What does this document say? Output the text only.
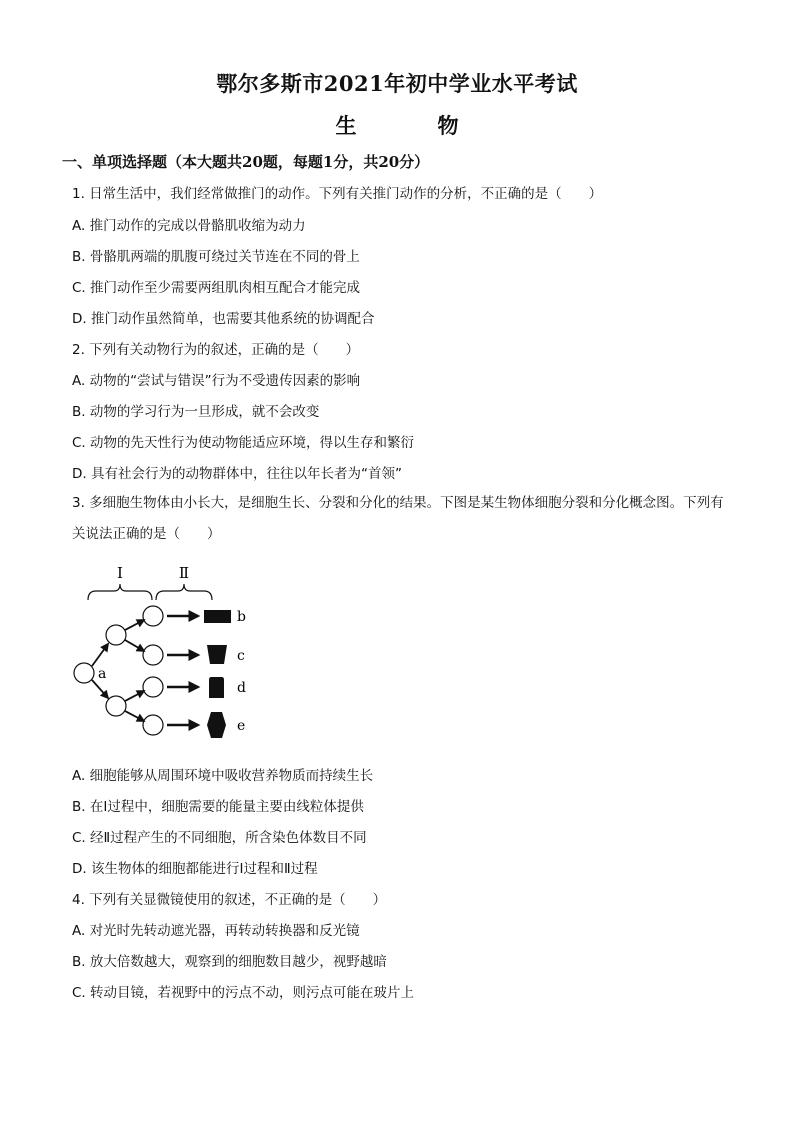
鄂尔多斯市2021年初中学业水平考试
生　物
一、单项选择题（本大题共20题，每题1分，共20分）
1. 日常生活中，我们经常做推门的动作。下列有关推门动作的分析，不正确的是（　　）
A. 推门动作的完成以骨骼肌收缩为动力
B. 骨骼肌两端的肌腹可绕过关节连在不同的骨上
C. 推门动作至少需要两组肌肉相互配合才能完成
D. 推门动作虽然简单，也需要其他系统的协调配合
2. 下列有关动物行为的叙述，正确的是（　　）
A. 动物的“尝试与错误”行为不受遗传因素的影响
B. 动物的学习行为一旦形成，就不会改变
C. 动物的先天性行为使动物能适应环境，得以生存和繁衍
D. 具有社会行为的动物群体中，往往以年长者为“首领”
3. 多细胞生物体由小长大，是细胞生长、分裂和分化的结果。下图是某生物体细胞分裂和分化概念图。下列有关说法正确的是（　　）
Ⅰ	Ⅱ
a
b
c
d
e
A. 细胞能够从周围环境中吸收营养物质而持续生长
B. 在Ⅰ过程中，细胞需要的能量主要由线粒体提供
C. 经Ⅱ过程产生的不同细胞，所含染色体数目不同
D. 该生物体的细胞都能进行Ⅰ过程和Ⅱ过程
4. 下列有关显微镜使用的叙述，不正确的是（　　）
A. 对光时先转动遮光器，再转动转换器和反光镜
B. 放大倍数越大，观察到的细胞数目越少，视野越暗
C. 转动目镜，若视野中的污点不动，则污点可能在玻片上
